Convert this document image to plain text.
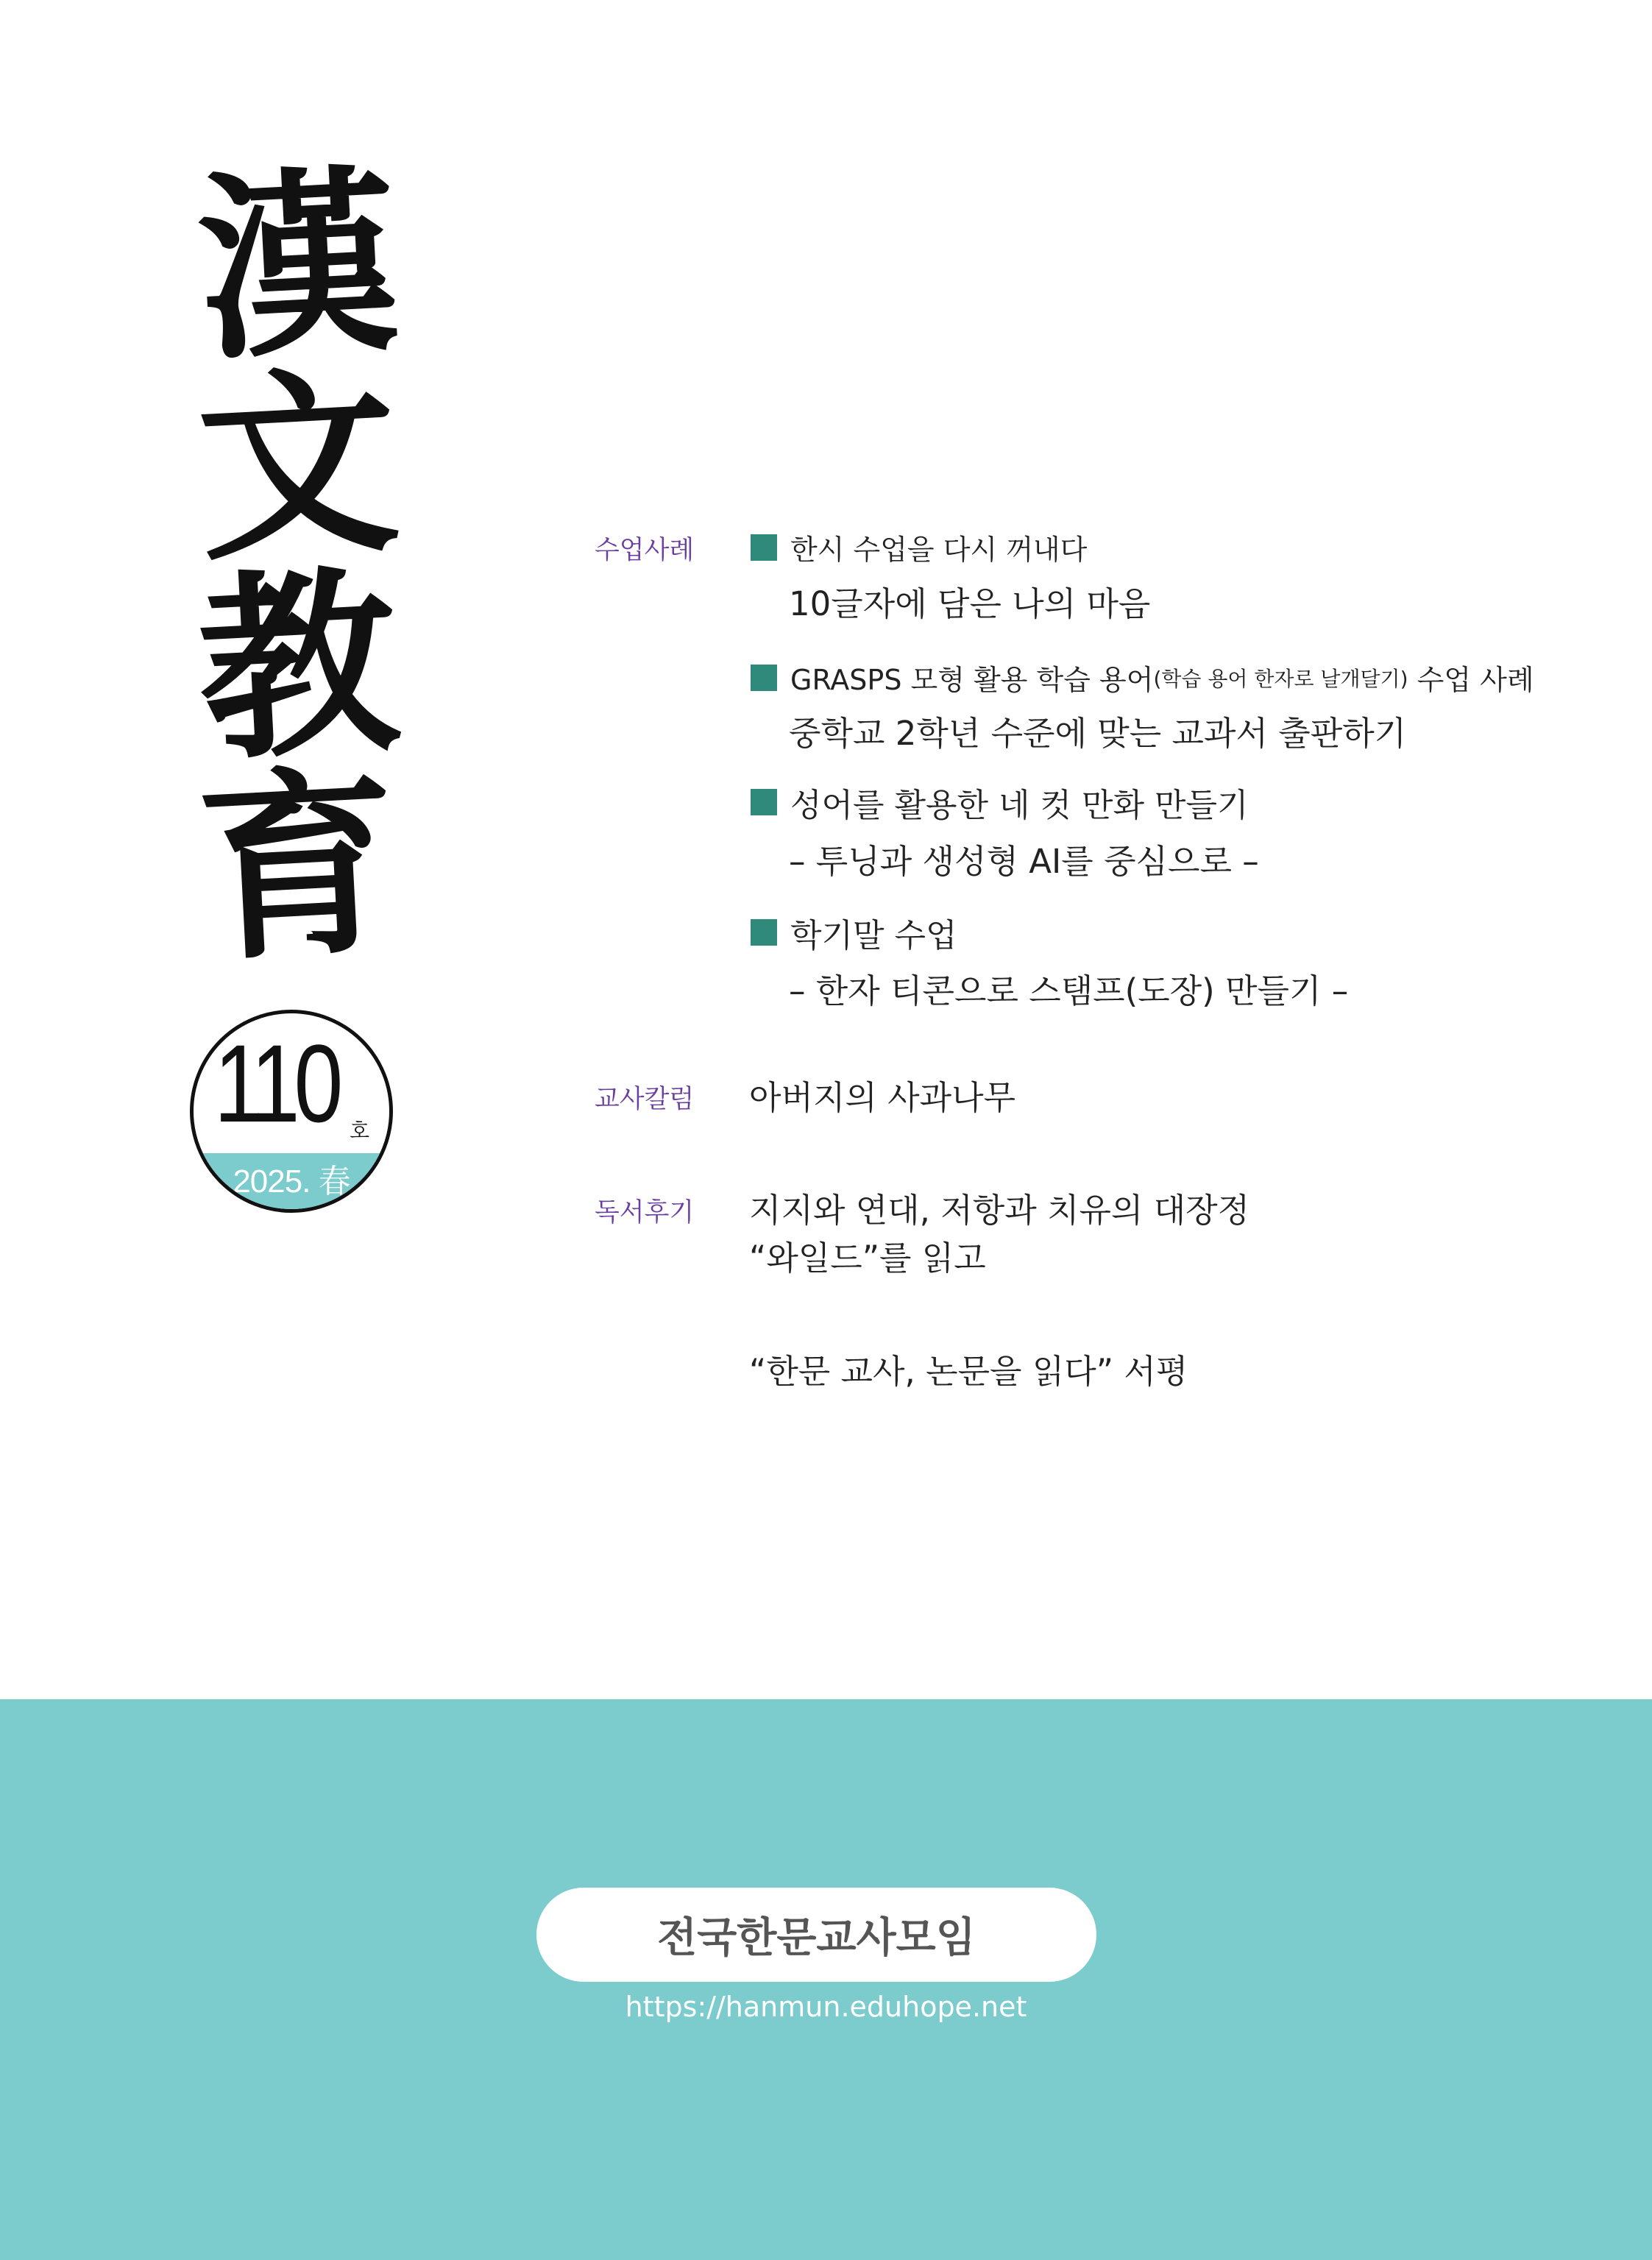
漢
文
教
育
110 호
2025. 春
수업사례	한시 수업을 다시 꺼내다
10글자에 담은 나의 마음
GRASPS 모형 활용 학습 용어 (학습 용어 한자로 날개달기) 수업 사례
중학교 2학년 수준에 맞는 교과서 출판하기
성어를 활용한 네 컷 만화 만들기
– 투닝과 생성형 AI를 중심으로 –
학기말 수업
– 한자 티콘으로 스탬프(도장) 만들기 –
교사칼럼 아버지의 사과나무
독서후기 지지와 연대, 저항과 치유의 대장정
“와일드”를 읽고
“한문 교사, 논문을 읽다” 서평
전국한문교사모임
https://hanmun.eduhope.net
